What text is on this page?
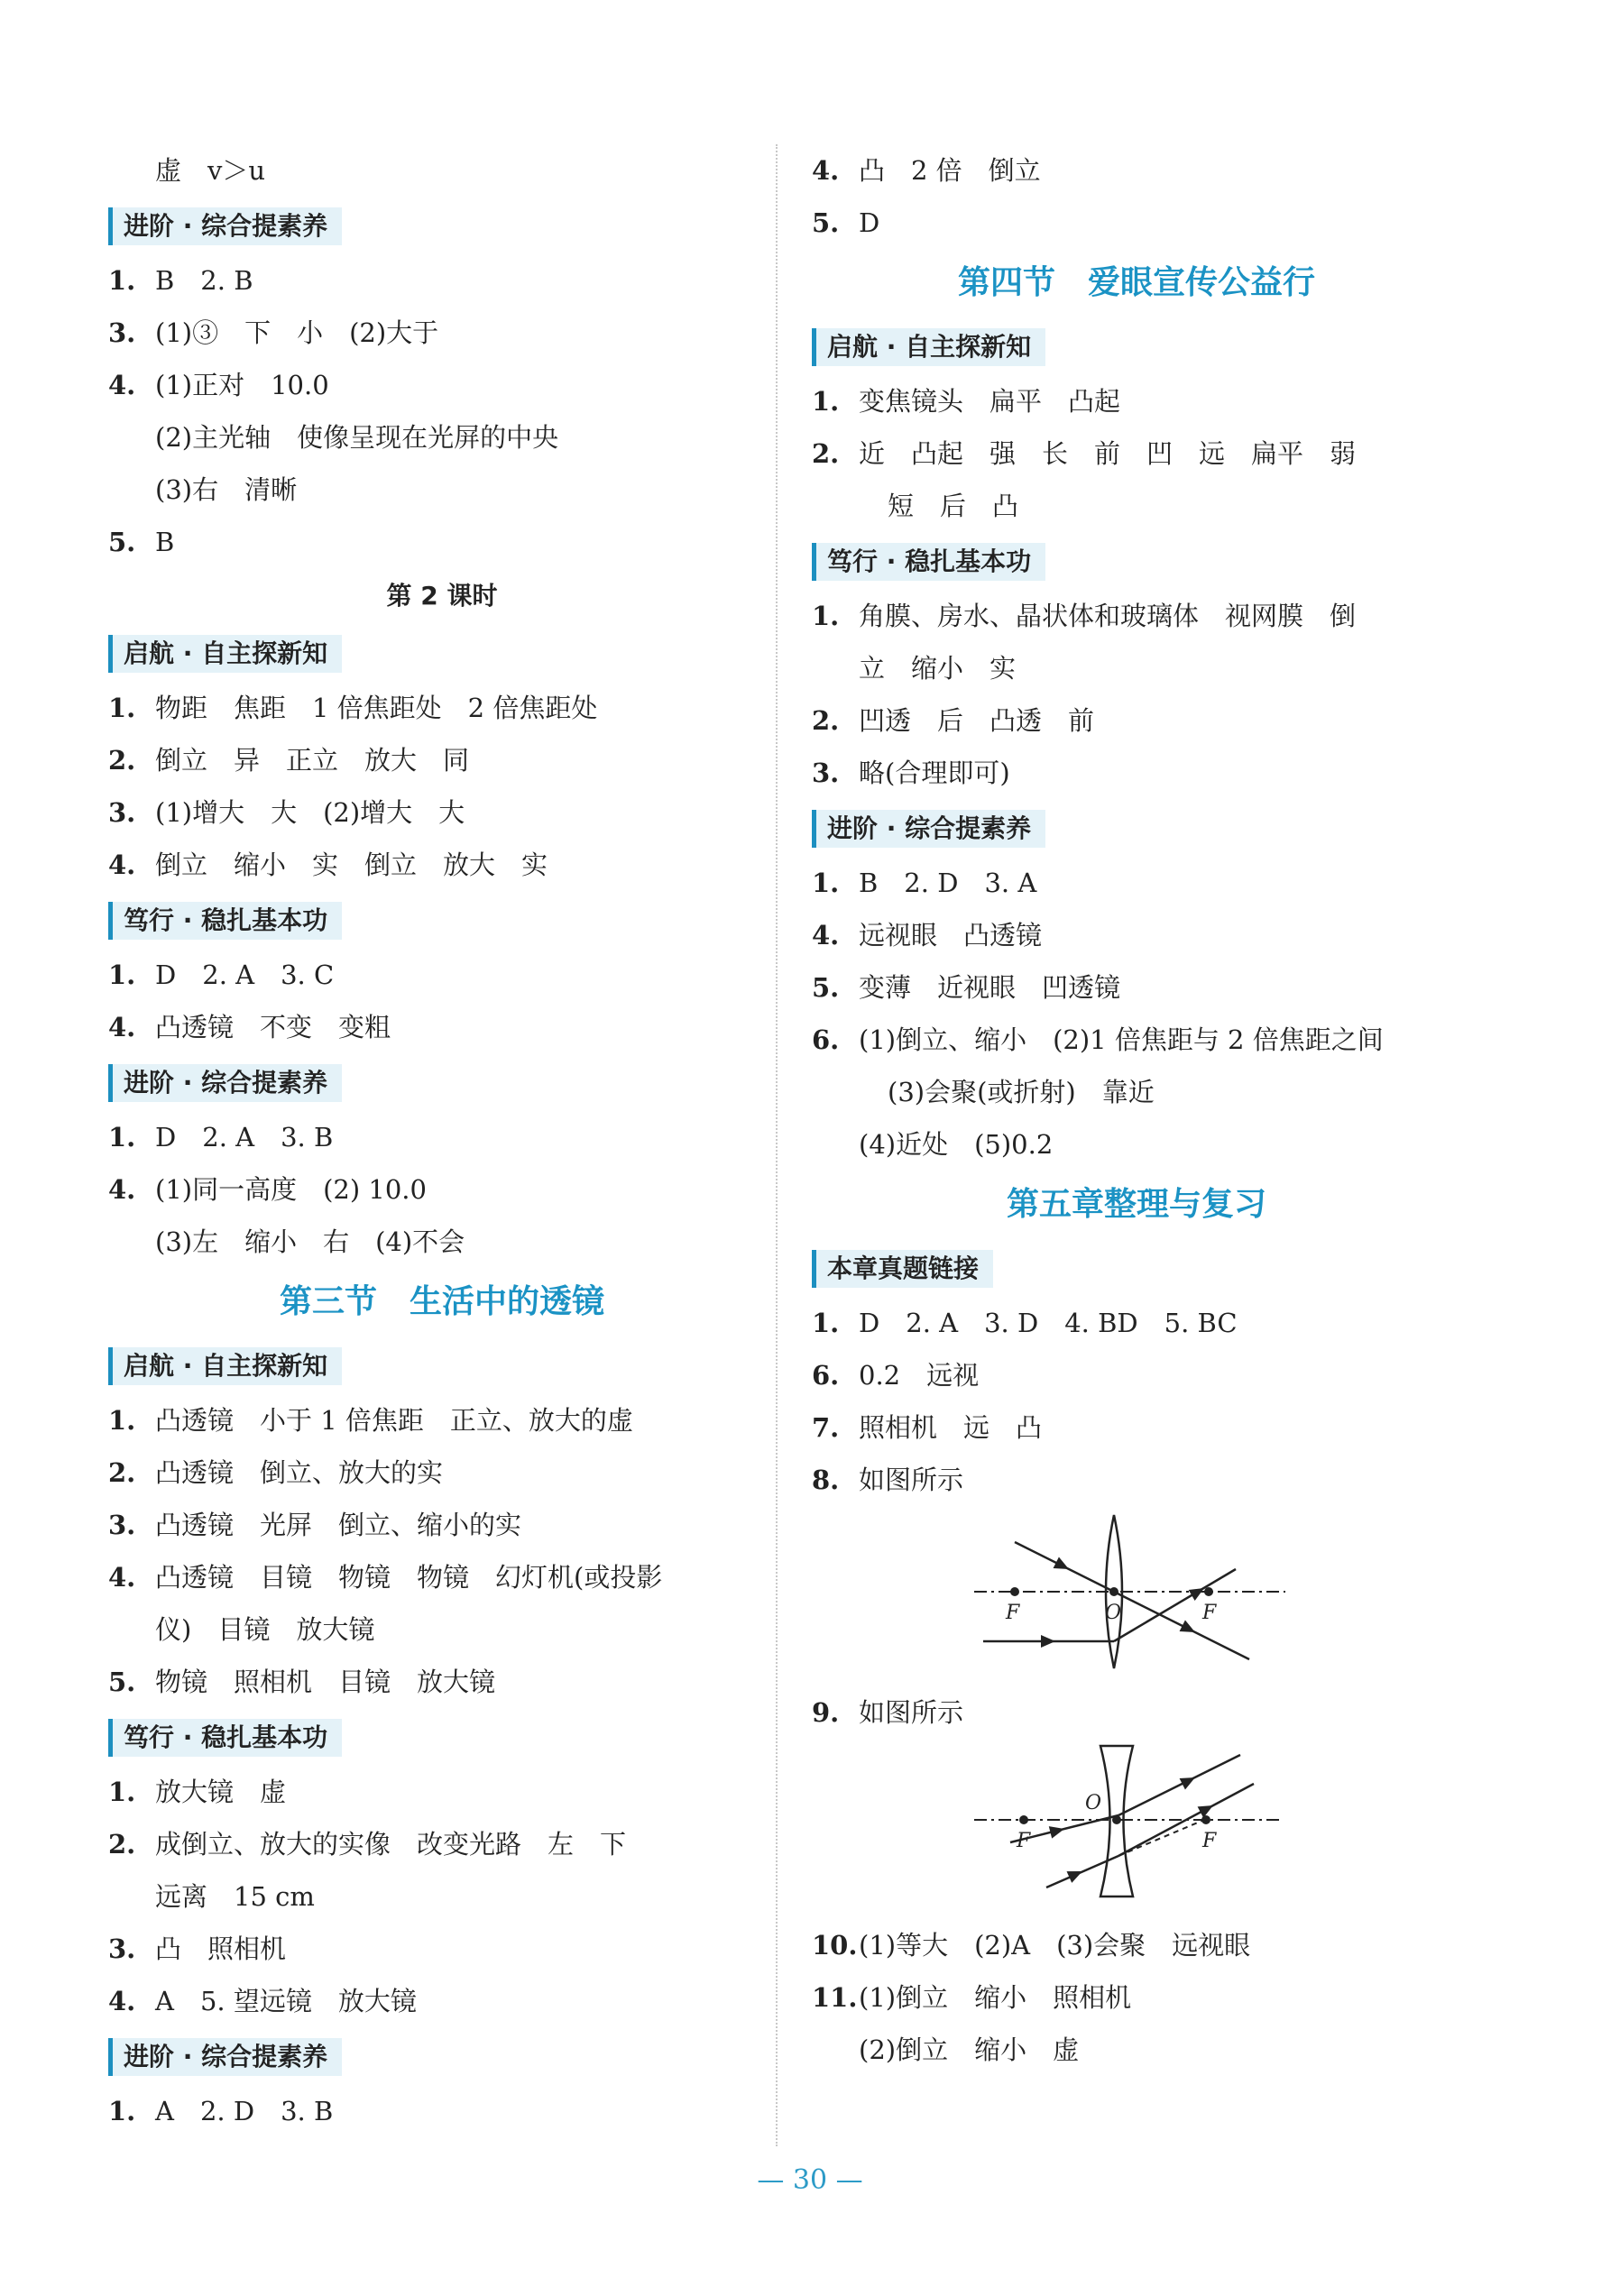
虚　v＞u
进阶 · 综合提素养
1. B　2. B
3. (1)③　下　小　(2)大于
4. (1)正对　10.0
(2)主光轴　使像呈现在光屏的中央
(3)右　清晰
5. B
第 2 课时
启航 · 自主探新知
1. 物距　焦距　1 倍焦距处　2 倍焦距处
2. 倒立　异　正立　放大　同
3. (1)增大　大　(2)增大　大
4. 倒立　缩小　实　倒立　放大　实
笃行 · 稳扎基本功
1. D　2. A　3. C
4. 凸透镜　不变　变粗
进阶 · 综合提素养
1. D　2. A　3. B
4. (1)同一高度　(2) 10.0
(3)左　缩小　右　(4)不会
第三节　生活中的透镜
启航 · 自主探新知
1. 凸透镜　小于 1 倍焦距　正立、放大的虚
2. 凸透镜　倒立、放大的实
3. 凸透镜　光屏　倒立、缩小的实
4. 凸透镜　目镜　物镜　物镜　幻灯机(或投影
仪)　目镜　放大镜
5. 物镜　照相机　目镜　放大镜
笃行 · 稳扎基本功
1. 放大镜　虚
2. 成倒立、放大的实像　改变光路　左　下
远离　15 cm
3. 凸　照相机
4. A　5. 望远镜　放大镜
进阶 · 综合提素养
1. A　2. D　3. B
4. 凸　2 倍　倒立
5. D
第四节　爱眼宣传公益行
启航 · 自主探新知
1. 变焦镜头　扁平　凸起
2. 近　凸起　强　长　前　凹　远　扁平　弱
短　后　凸
笃行 · 稳扎基本功
1. 角膜、房水、晶状体和玻璃体　视网膜　倒
立　缩小　实
2. 凹透　后　凸透　前
3. 略(合理即可)
进阶 · 综合提素养
1. B　2. D　3. A
4. 远视眼　凸透镜
5. 变薄　近视眼　凹透镜
6. (1)倒立、缩小　(2)1 倍焦距与 2 倍焦距之间
(3)会聚(或折射)　靠近
(4)近处　(5)0.2
第五章整理与复习
本章真题链接
1. D　2. A　3. D　4. BD　5. BC
6. 0.2　远视
7. 照相机　远　凸
8. 如图所示
F	O	F
9. 如图所示
F
O
F
10.(1)等大　(2)A　(3)会聚　远视眼
11.(1)倒立　缩小　照相机
(2)倒立　缩小　虚
— 30 —
